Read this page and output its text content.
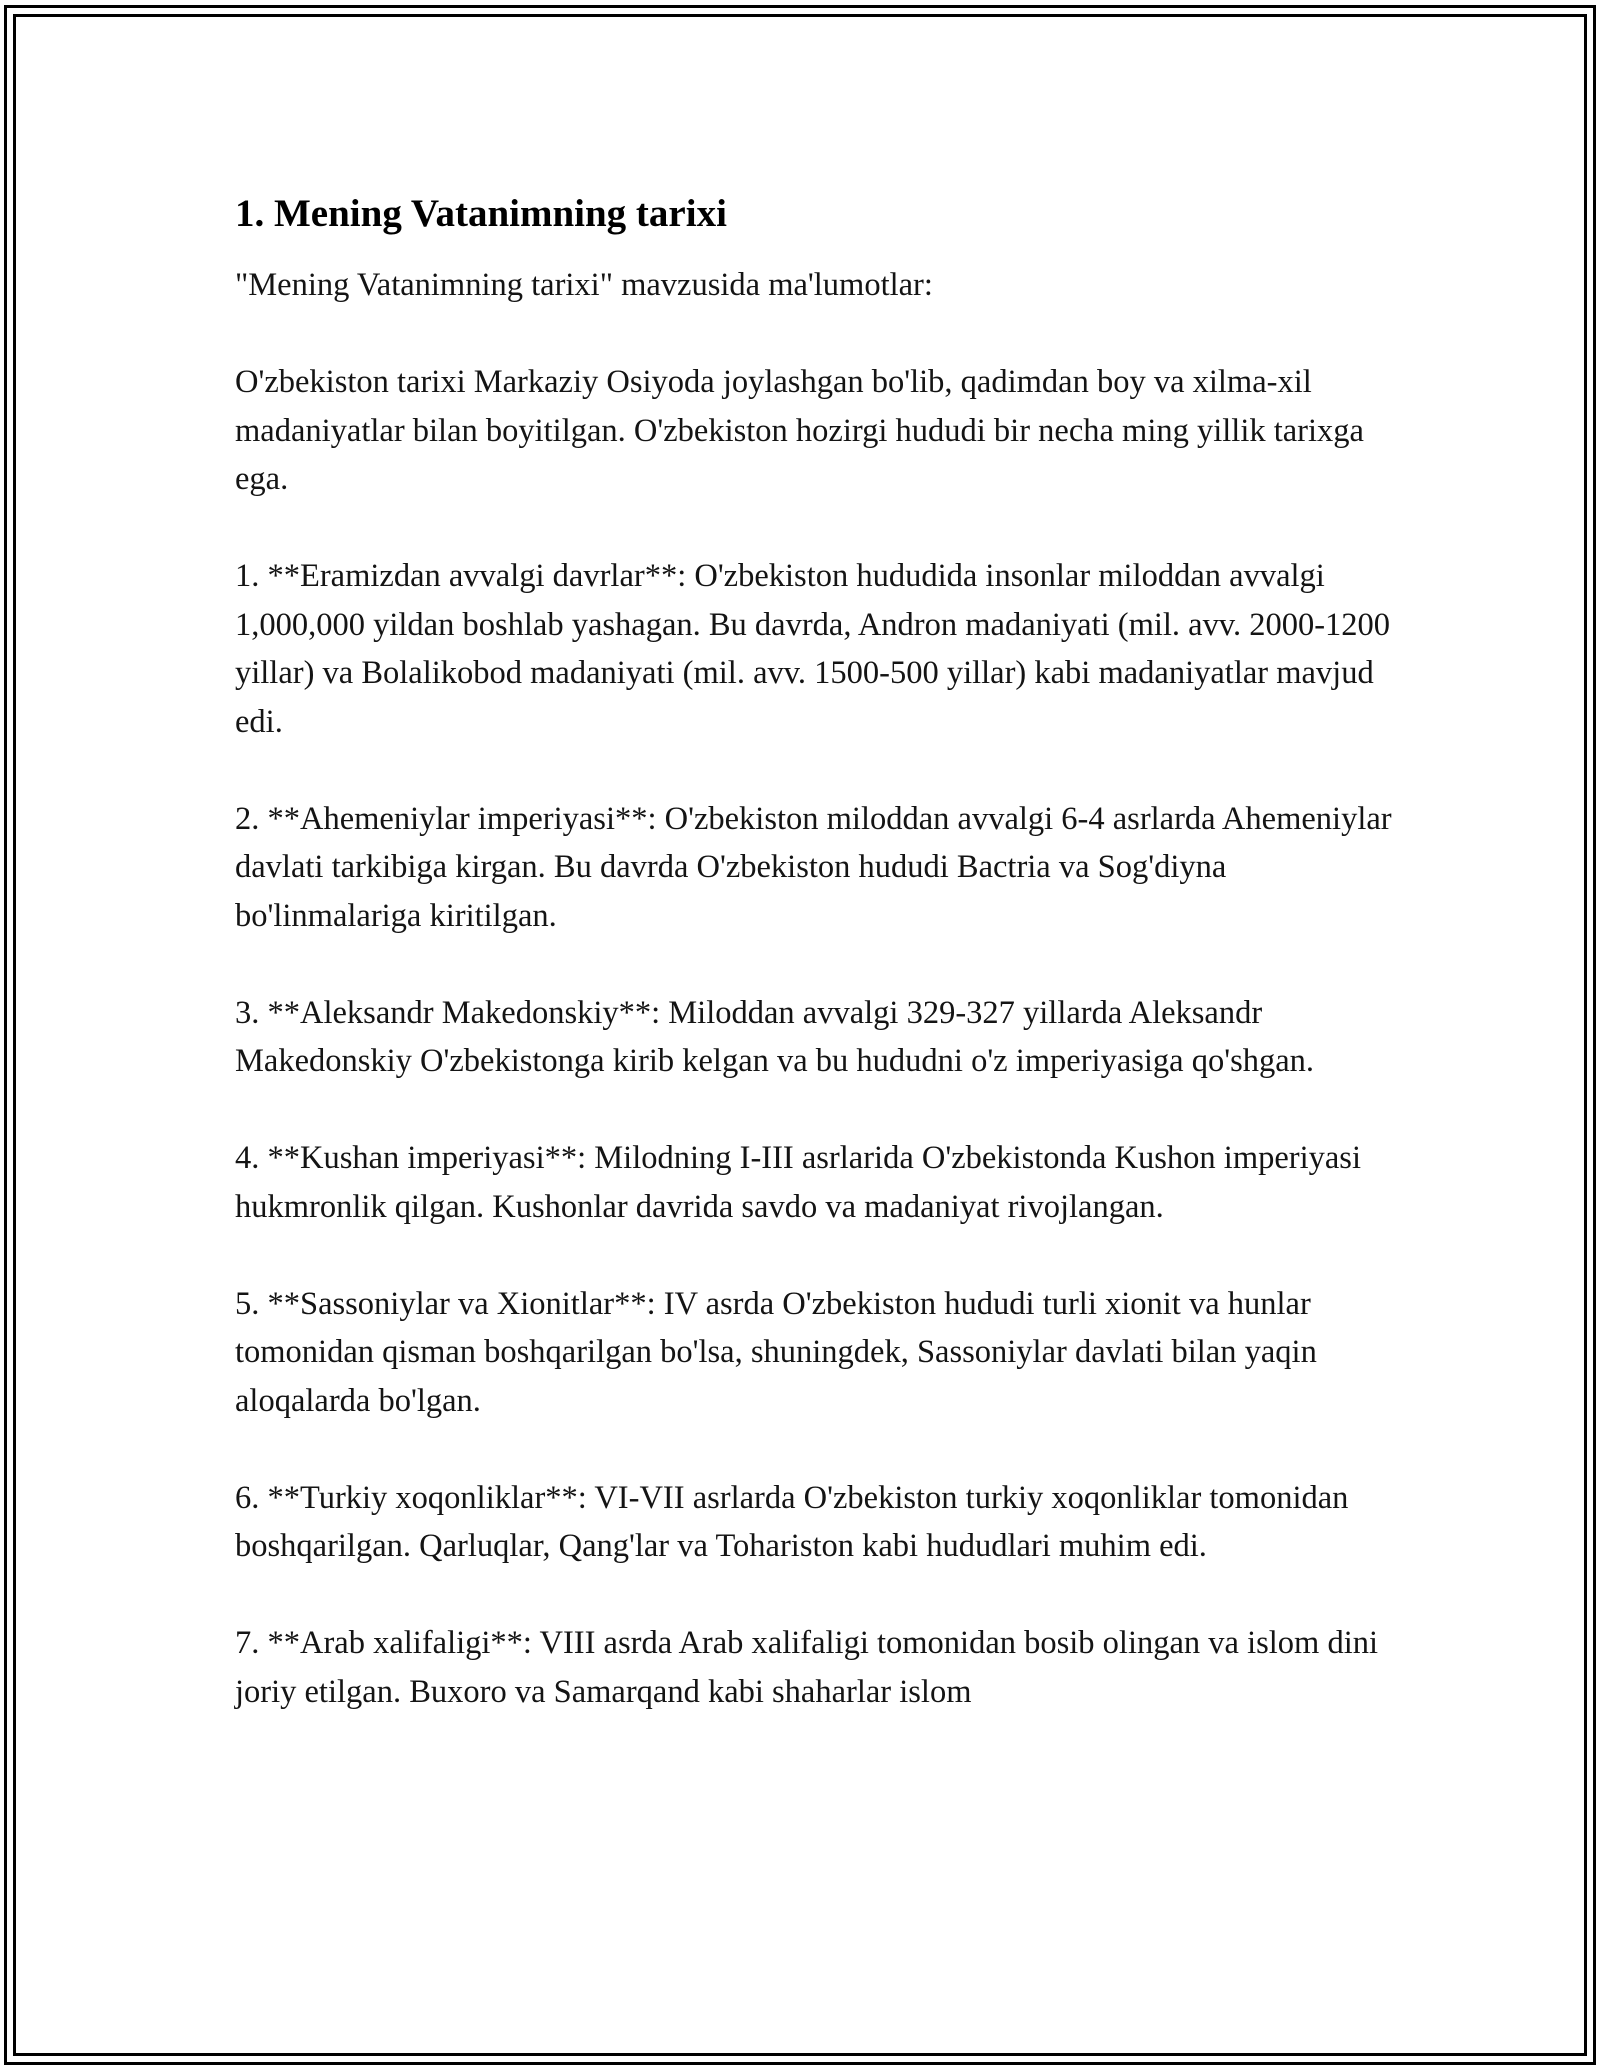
1. Mening Vatanimning tarixi

"Mening Vatanimning tarixi" mavzusida ma'lumotlar:

O'zbekiston tarixi Markaziy Osiyoda joylashgan bo'lib, qadimdan boy va xilma-xil madaniyatlar bilan boyitilgan. O'zbekiston hozirgi hududi bir necha ming yillik tarixga ega.

1. **Eramizdan avvalgi davrlar**: O'zbekiston hududida insonlar miloddan avvalgi 1,000,000 yildan boshlab yashagan. Bu davrda, Andron madaniyati (mil. avv. 2000-1200 yillar) va Bolalikobod madaniyati (mil. avv. 1500-500 yillar) kabi madaniyatlar mavjud edi.

2. **Ahemeniylar imperiyasi**: O'zbekiston miloddan avvalgi 6-4 asrlarda Ahemeniylar davlati tarkibiga kirgan. Bu davrda O'zbekiston hududi Bactria va Sog'diyna bo'linmalariga kiritilgan.

3. **Aleksandr Makedonskiy**: Miloddan avvalgi 329-327 yillarda Aleksandr Makedonskiy O'zbekistonga kirib kelgan va bu hududni o'z imperiyasiga qo'shgan.

4. **Kushan imperiyasi**: Milodning I-III asrlarida O'zbekistonda Kushon imperiyasi hukmronlik qilgan. Kushonlar davrida savdo va madaniyat rivojlangan.

5. **Sassoniylar va Xionitlar**: IV asrda O'zbekiston hududi turli xionit va hunlar tomonidan qisman boshqarilgan bo'lsa, shuningdek, Sassoniylar davlati bilan yaqin aloqalarda bo'lgan.

6. **Turkiy xoqonliklar**: VI-VII asrlarda O'zbekiston turkiy xoqonliklar tomonidan boshqarilgan. Qarluqlar, Qang'lar va Tohariston kabi hududlari muhim edi.

7. **Arab xalifaligi**: VIII asrda Arab xalifaligi tomonidan bosib olingan va islom dini joriy etilgan. Buxoro va Samarqand kabi shaharlar islom
